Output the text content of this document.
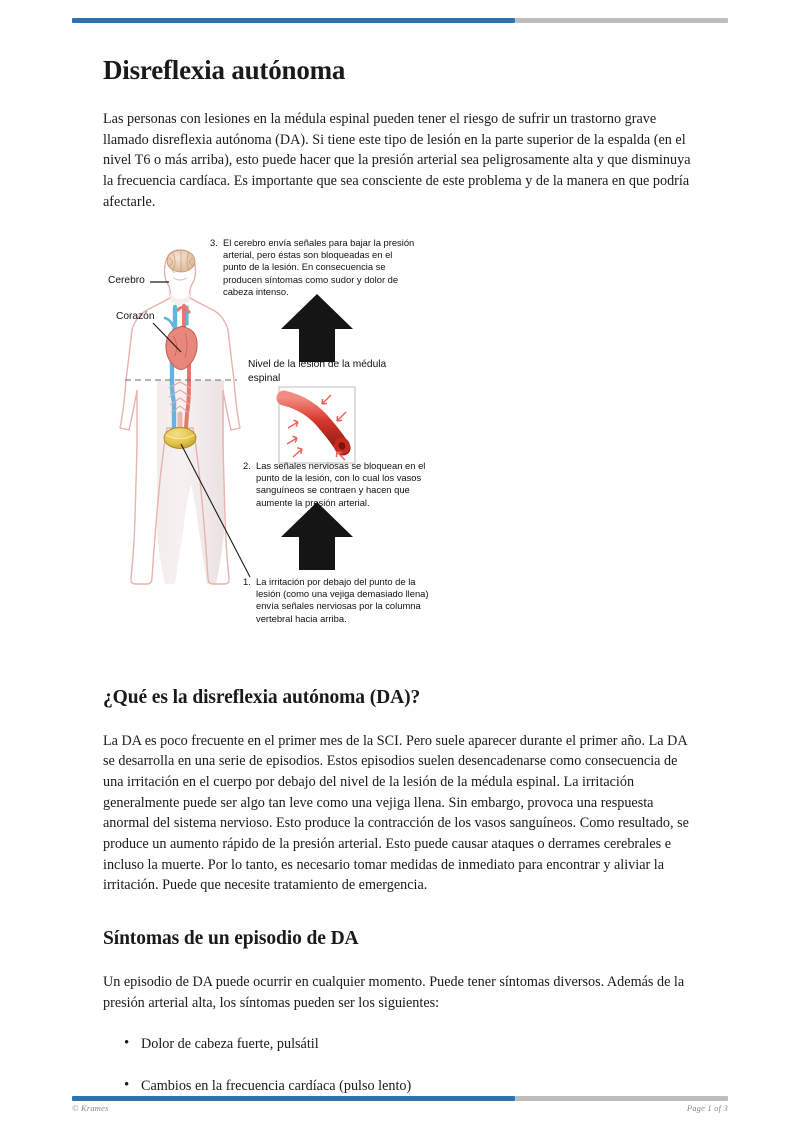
Disreflexia autónoma

Las personas con lesiones en la médula espinal pueden tener el riesgo de sufrir un trastorno grave llamado disreflexia autónoma (DA). Si tiene este tipo de lesión en la parte superior de la espalda (en el nivel T6 o más arriba), esto puede hacer que la presión arterial sea peligrosamente alta y que disminuya la frecuencia cardíaca. Es importante que sea consciente de este problema y de la manera en que podría afectarle.

Cerebro
Corazón
Nivel de la lesión de la médula espinal
3. El cerebro envía señales para bajar la presión arterial, pero éstas son bloqueadas en el punto de la lesión. En consecuencia se producen síntomas como sudor y dolor de cabeza intenso.
2. Las señales nerviosas se bloquean en el punto de la lesión, con lo cual los vasos sanguíneos se contraen y hacen que aumente la presión arterial.
1. La irritación por debajo del punto de la lesión (como una vejiga demasiado llena) envía señales nerviosas por la columna vertebral hacia arriba.
¿Qué es la disreflexia autónoma (DA)?

La DA es poco frecuente en el primer mes de la SCI. Pero suele aparecer durante el primer año. La DA se desarrolla en una serie de episodios. Estos episodios suelen desencadenarse como consecuencia de una irritación en el cuerpo por debajo del nivel de la lesión de la médula espinal. La irritación generalmente puede ser algo tan leve como una vejiga llena. Sin embargo, provoca una respuesta anormal del sistema nervioso. Esto produce la contracción de los vasos sanguíneos. Como resultado, se produce un aumento rápido de la presión arterial. Esto puede causar ataques o derrames cerebrales e incluso la muerte. Por lo tanto, es necesario tomar medidas de inmediato para encontrar y aliviar la irritación. Puede que necesite tratamiento de emergencia.

Síntomas de un episodio de DA

Un episodio de DA puede ocurrir en cualquier momento. Puede tener síntomas diversos. Además de la presión arterial alta, los síntomas pueden ser los siguientes:

• Dolor de cabeza fuerte, pulsátil
• Cambios en la frecuencia cardíaca (pulso lento)
© Krames	Page 1 of 3
